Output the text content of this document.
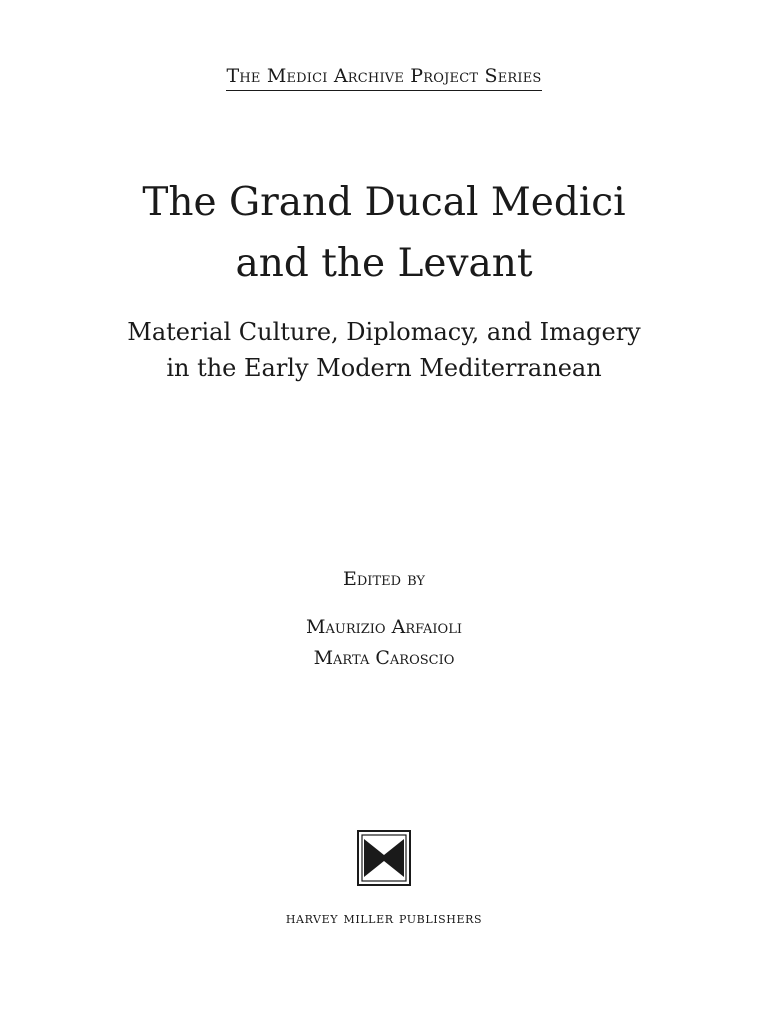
The Medici Archive Project Series
The Grand Ducal Medici
and the Levant
Material Culture, Diplomacy, and Imagery
in the Early Modern Mediterranean
Edited by
Maurizio Arfaioli
Marta Caroscio
harvey miller publishers
